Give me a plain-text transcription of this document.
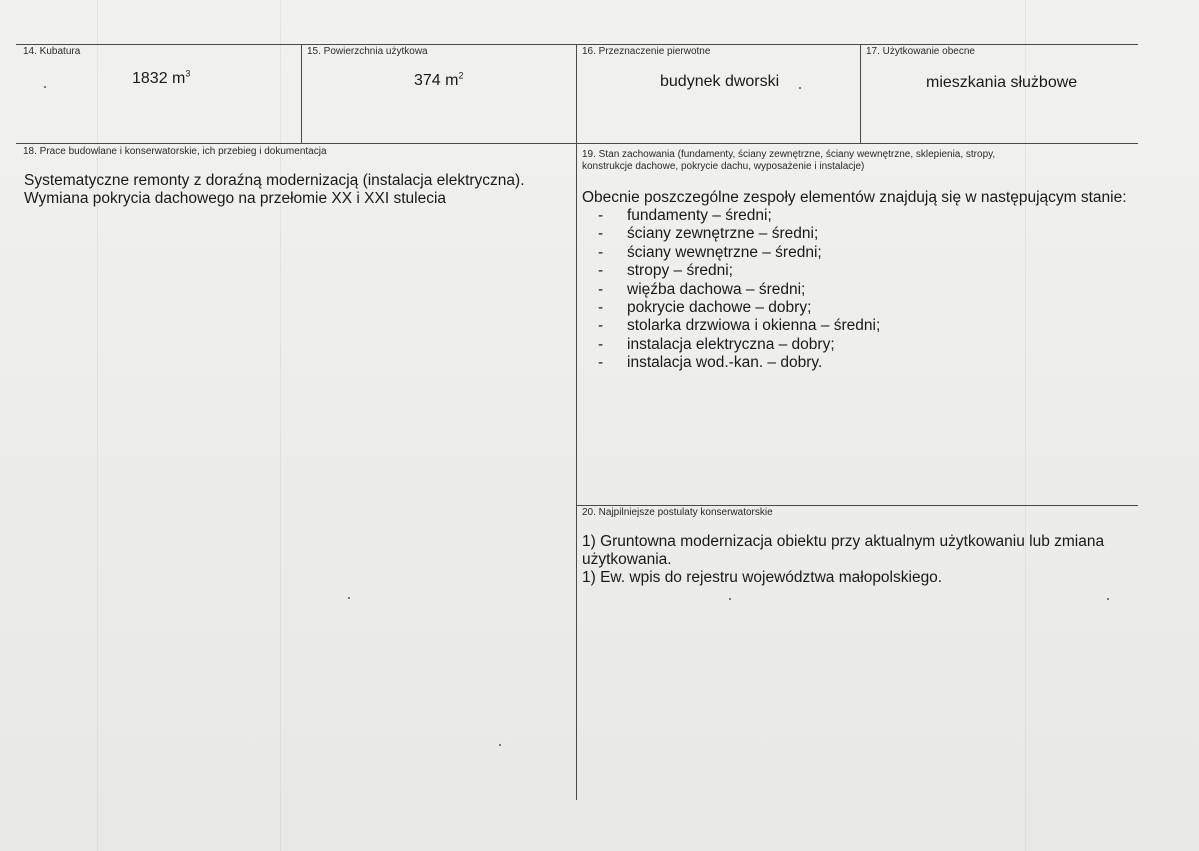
14. Kubatura
1832 $m^3$
15. Powierzchnia użytkowa
374 $m^2$
16. Przeznaczenie pierwotne
budynek dworski
17. Użytkowanie obecne
mieszkania służbowe
18. Prace budowlane i konserwatorskie, ich przebieg i dokumentacja

Systematyczne remonty z doraźną modernizacją (instalacja elektryczna).

Wymiana pokrycia dachowego na przełomie XX i XXI stulecia

19. Stan zachowania (fundamenty, ściany zewnętrzne, ściany wewnętrzne, sklepienia, stropy,
konstrukcje dachowe, pokrycie dachu, wyposażenie i instalacje)
Obecnie poszczególne zespoły elementów znajdują się w następującym stanie:
- fundamenty – średni;
- ściany zewnętrzne – średni;
- ściany wewnętrzne – średni;
- stropy – średni;
- więźba dachowa – średni;
- pokrycie dachowe – dobry;
- stolarka drzwiowa i okienna – średni;
- instalacja elektryczna – dobry;
- instalacja wod.-kan. – dobry.
20. Najpilniejsze postulaty konserwatorskie

1) Gruntowna modernizacja obiektu przy aktualnym użytkowaniu lub zmiana

użytkowania.

1) Ew. wpis do rejestru województwa małopolskiego.
